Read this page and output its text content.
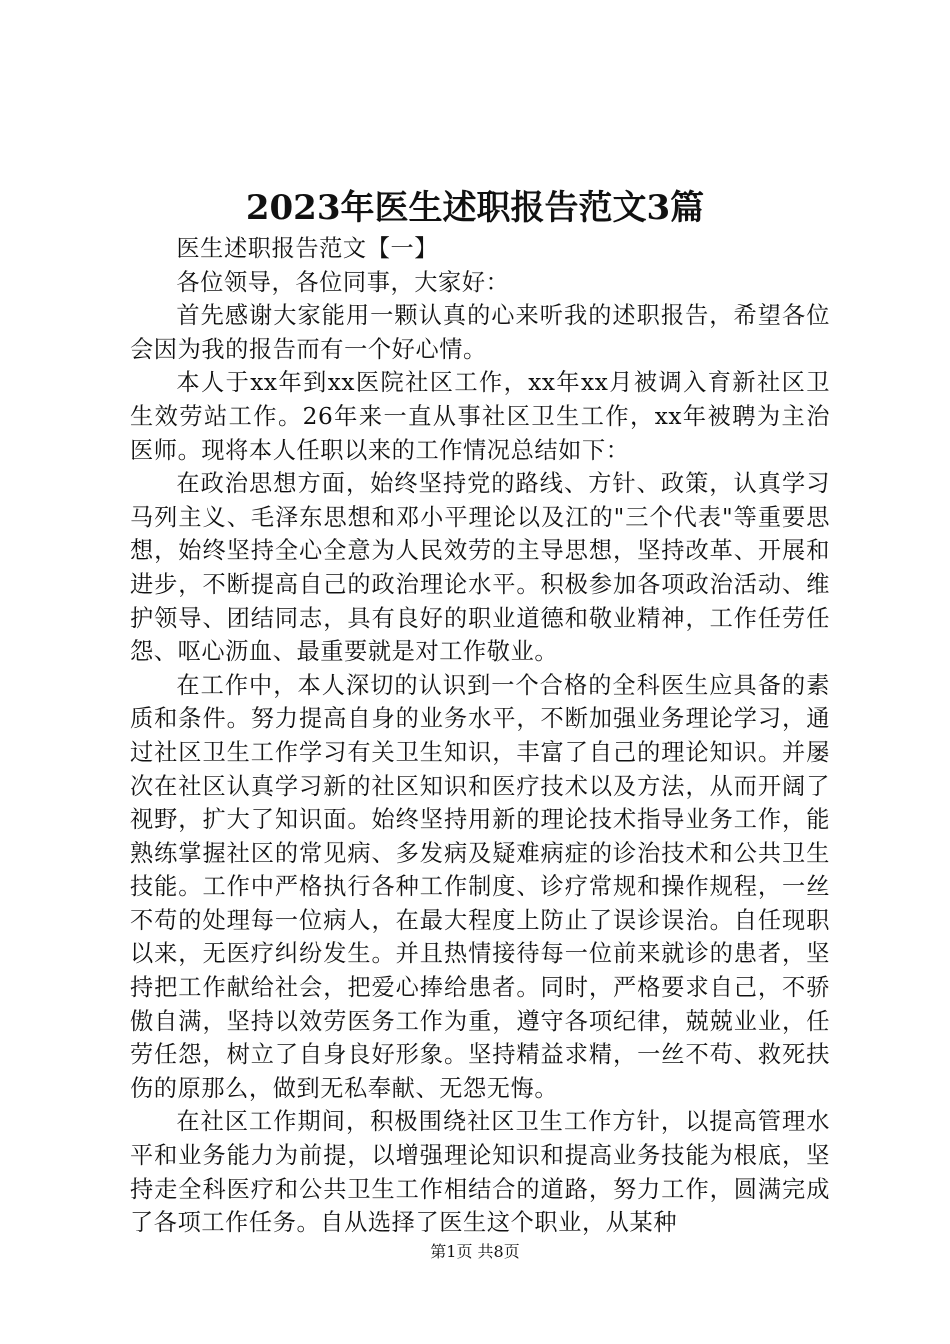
2023年医生述职报告范文3篇

医生述职报告范文【一】

各位领导，各位同事，大家好：

首先感谢大家能用一颗认真的心来听我的述职报告，希望各位会因为我的报告而有一个好心情。

本人于xx年到xx医院社区工作，xx年xx月被调入育新社区卫生效劳站工作。26年来一直从事社区卫生工作，xx年被聘为主治医师。现将本人任职以来的工作情况总结如下：

在政治思想方面，始终坚持党的路线、方针、政策，认真学习马列主义、毛泽东思想和邓小平理论以及江的"三个代表"等重要思想，始终坚持全心全意为人民效劳的主导思想，坚持改革、开展和进步，不断提高自己的政治理论水平。积极参加各项政治活动、维护领导、团结同志，具有良好的职业道德和敬业精神，工作任劳任怨、呕心沥血、最重要就是对工作敬业。

在工作中，本人深切的认识到一个合格的全科医生应具备的素质和条件。努力提高自身的业务水平，不断加强业务理论学习，通过社区卫生工作学习有关卫生知识，丰富了自己的理论知识。并屡次在社区认真学习新的社区知识和医疗技术以及方法，从而开阔了视野，扩大了知识面。始终坚持用新的理论技术指导业务工作，能熟练掌握社区的常见病、多发病及疑难病症的诊治技术和公共卫生技能。工作中严格执行各种工作制度、诊疗常规和操作规程，一丝不苟的处理每一位病人，在最大程度上防止了误诊误治。自任现职以来，无医疗纠纷发生。并且热情接待每一位前来就诊的患者，坚持把工作献给社会，把爱心捧给患者。同时，严格要求自己，不骄傲自满，坚持以效劳医务工作为重，遵守各项纪律，兢兢业业，任劳任怨，树立了自身良好形象。坚持精益求精，一丝不苟、救死扶伤的原那么，做到无私奉献、无怨无悔。

在社区工作期间，积极围绕社区卫生工作方针，以提高管理水平和业务能力为前提，以增强理论知识和提高业务技能为根底，坚持走全科医疗和公共卫生工作相结合的道路，努力工作，圆满完成了各项工作任务。自从选择了医生这个职业，从某种

第1页 共8页
